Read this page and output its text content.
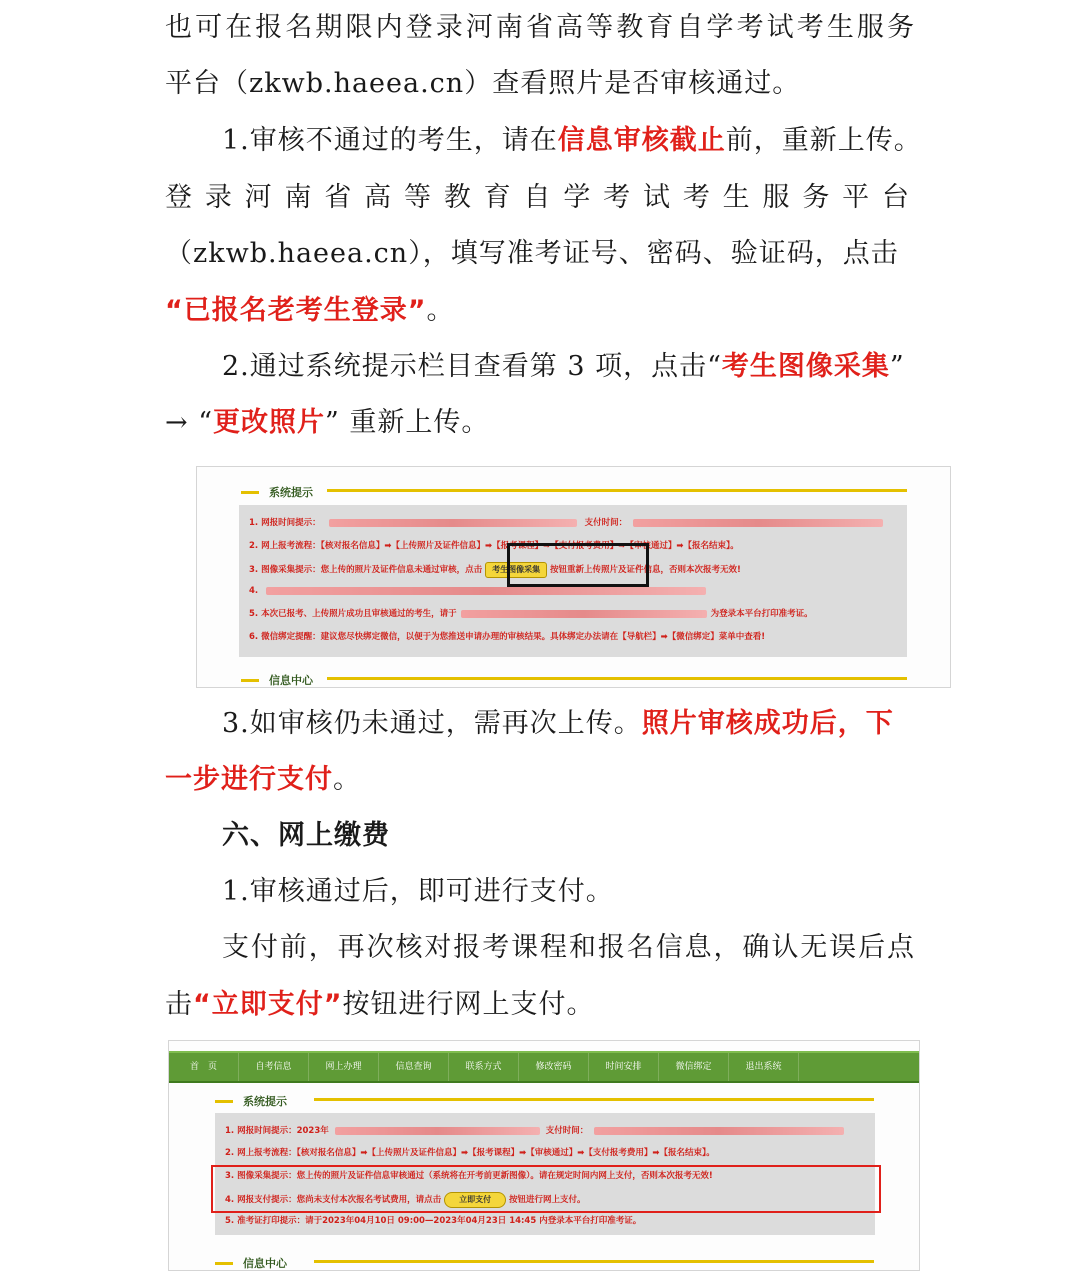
也可在报名期限内登录河南省高等教育自学考试考生服务
平台（zkwb.haeea.cn）查看照片是否审核通过。
1.审核不通过的考生，请在信息审核截止前，重新上传。
登录河南省高等教育自学考试考生服务平台
（zkwb.haeea.cn），填写准考证号、密码、验证码，点击
“已报名老考生登录”。
2.通过系统提示栏目查看第 3 项，点击“考生图像采集”
→ “更改照片” 重新上传。
系统提示
1. 网报时间提示：	支付时间：
2. 网上报考流程：【核对报名信息】➡【上传照片及证件信息】➡【报考课程】➡【支付报考费用】➡【审核通过】➡【报名结束】。
3. 图像采集提示：您上传的照片及证件信息未通过审核，点击 考生图像采集 按钮重新上传照片及证件信息，否则本次报考无效!
4.
5. 本次已报考、上传照片成功且审核通过的考生，请于	为登录本平台打印准考证。
6. 微信绑定提醒：建议您尽快绑定微信，以便于为您推送申请办理的审核结果。具体绑定办法请在【导航栏】➡【微信绑定】菜单中查看!
信息中心
3.如审核仍未通过，需再次上传。照片审核成功后，下
一步进行支付。
六、网上缴费
1.审核通过后，即可进行支付。
支付前，再次核对报考课程和报名信息，确认无误后点
击“立即支付”按钮进行网上支付。
首　页	自考信息	网上办理	信息查询	联系方式	修改密码	时间安排	微信绑定	退出系统
系统提示
1. 网报时间提示：2023年	支付时间：
2. 网上报考流程：【核对报名信息】➡【上传照片及证件信息】➡【报考课程】➡【审核通过】➡【支付报考费用】➡【报名结束】。
3. 图像采集提示：您上传的照片及证件信息审核通过（系统将在开考前更新图像）。请在规定时间内网上支付，否则本次报考无效!
4. 网报支付提示：您尚未支付本次报名考试费用，请点击 立即支付 按钮进行网上支付。
5. 准考证打印提示：请于2023年04月10日 09:00—2023年04月23日 14:45 内登录本平台打印准考证。
信息中心
